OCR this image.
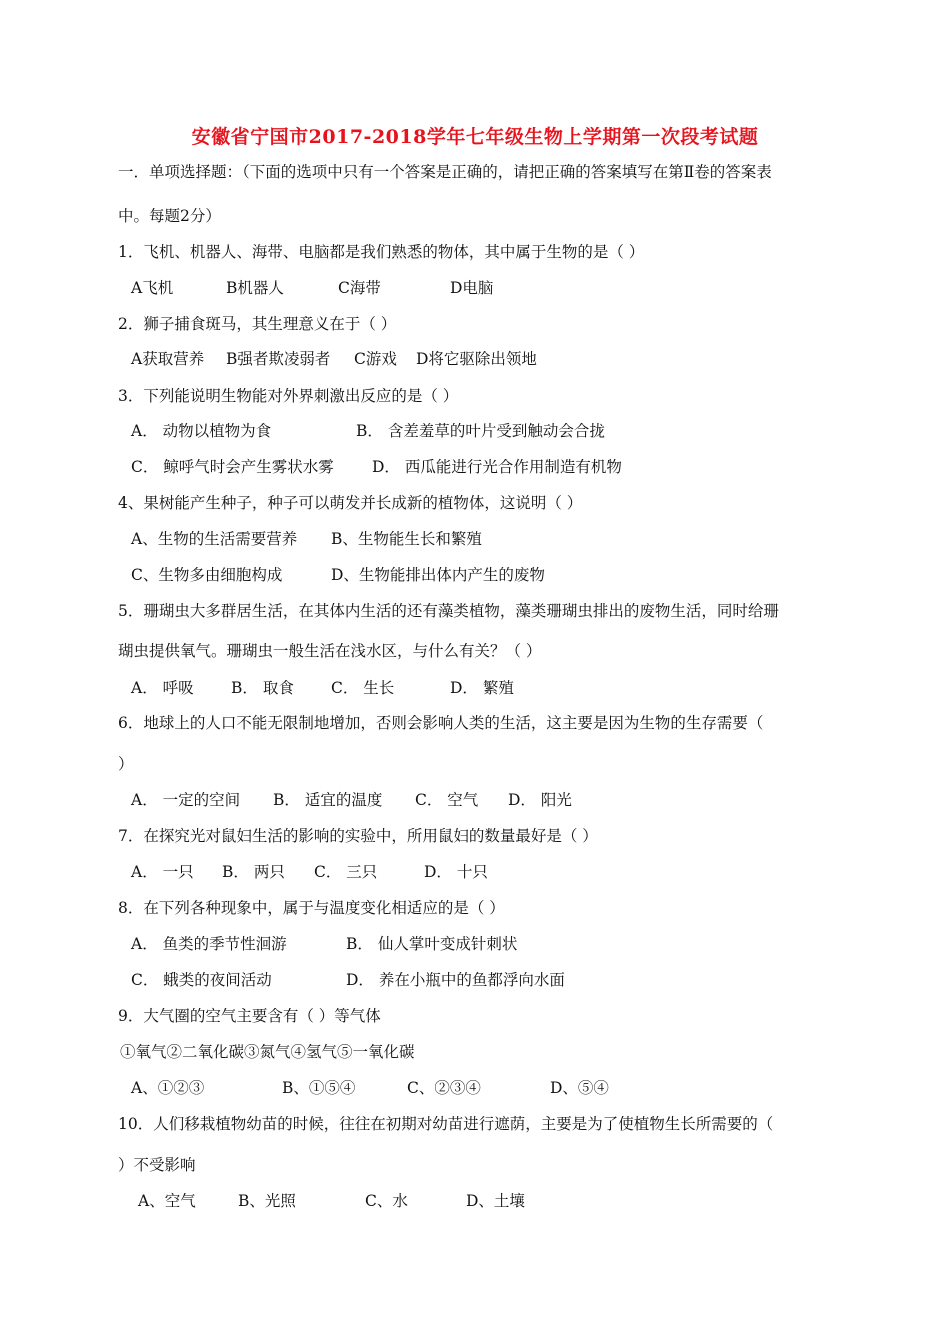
安徽省宁国市2017-2018学年七年级生物上学期第一次段考试题
一．单项选择题：（下面的选项中只有一个答案是正确的，请把正确的答案填写在第Ⅱ卷的答案表
中。每题2分）
1．飞机、机器人、海带、电脑都是我们熟悉的物体，其中属于生物的是（ ）
A飞机	B机器人	C海带	D电脑
2．狮子捕食斑马，其生理意义在于（ ）
A获取营养 B强者欺凌弱者 C游戏 D将它驱除出领地
3．下列能说明生物能对外界刺激出反应的是（ ）
A． 动物以植物为食	B． 含差羞草的叶片受到触动会合拢
C． 鲸呼气时会产生雾状水雾 D． 西瓜能进行光合作用制造有机物
4、果树能产生种子，种子可以萌发并长成新的植物体，这说明（ ）
A、生物的生活需要营养 B、生物能生长和繁殖
C、生物多由细胞构成	D、生物能排出体内产生的废物
5．珊瑚虫大多群居生活，在其体内生活的还有藻类植物，藻类珊瑚虫排出的废物生活，同时给珊
瑚虫提供氧气。珊瑚虫一般生活在浅水区，与什么有关？（ ）
A． 呼吸 B． 取食 C． 生长	D． 繁殖
6．地球上的人口不能无限制地增加，否则会影响人类的生活，这主要是因为生物的生存需要（
）
A． 一定的空间 B． 适宜的温度 C． 空气 D． 阳光
7．在探究光对鼠妇生活的影响的实验中，所用鼠妇的数量最好是（ ）
A． 一只 B． 两只 C． 三只	D． 十只
8．在下列各种现象中，属于与温度变化相适应的是（ ）
A． 鱼类的季节性洄游	B． 仙人掌叶变成针刺状
C． 蛾类的夜间活动	D． 养在小瓶中的鱼都浮向水面
9．大气圈的空气主要含有（ ）等气体
①氧气②二氧化碳③氮气④氢气⑤一氧化碳
A、①②③	B、①⑤④	C、②③④	D、⑤④
10．人们移栽植物幼苗的时候，往往在初期对幼苗进行遮荫，主要是为了使植物生长所需要的（
）不受影响
A、空气	B、光照	C、水	D、土壤
